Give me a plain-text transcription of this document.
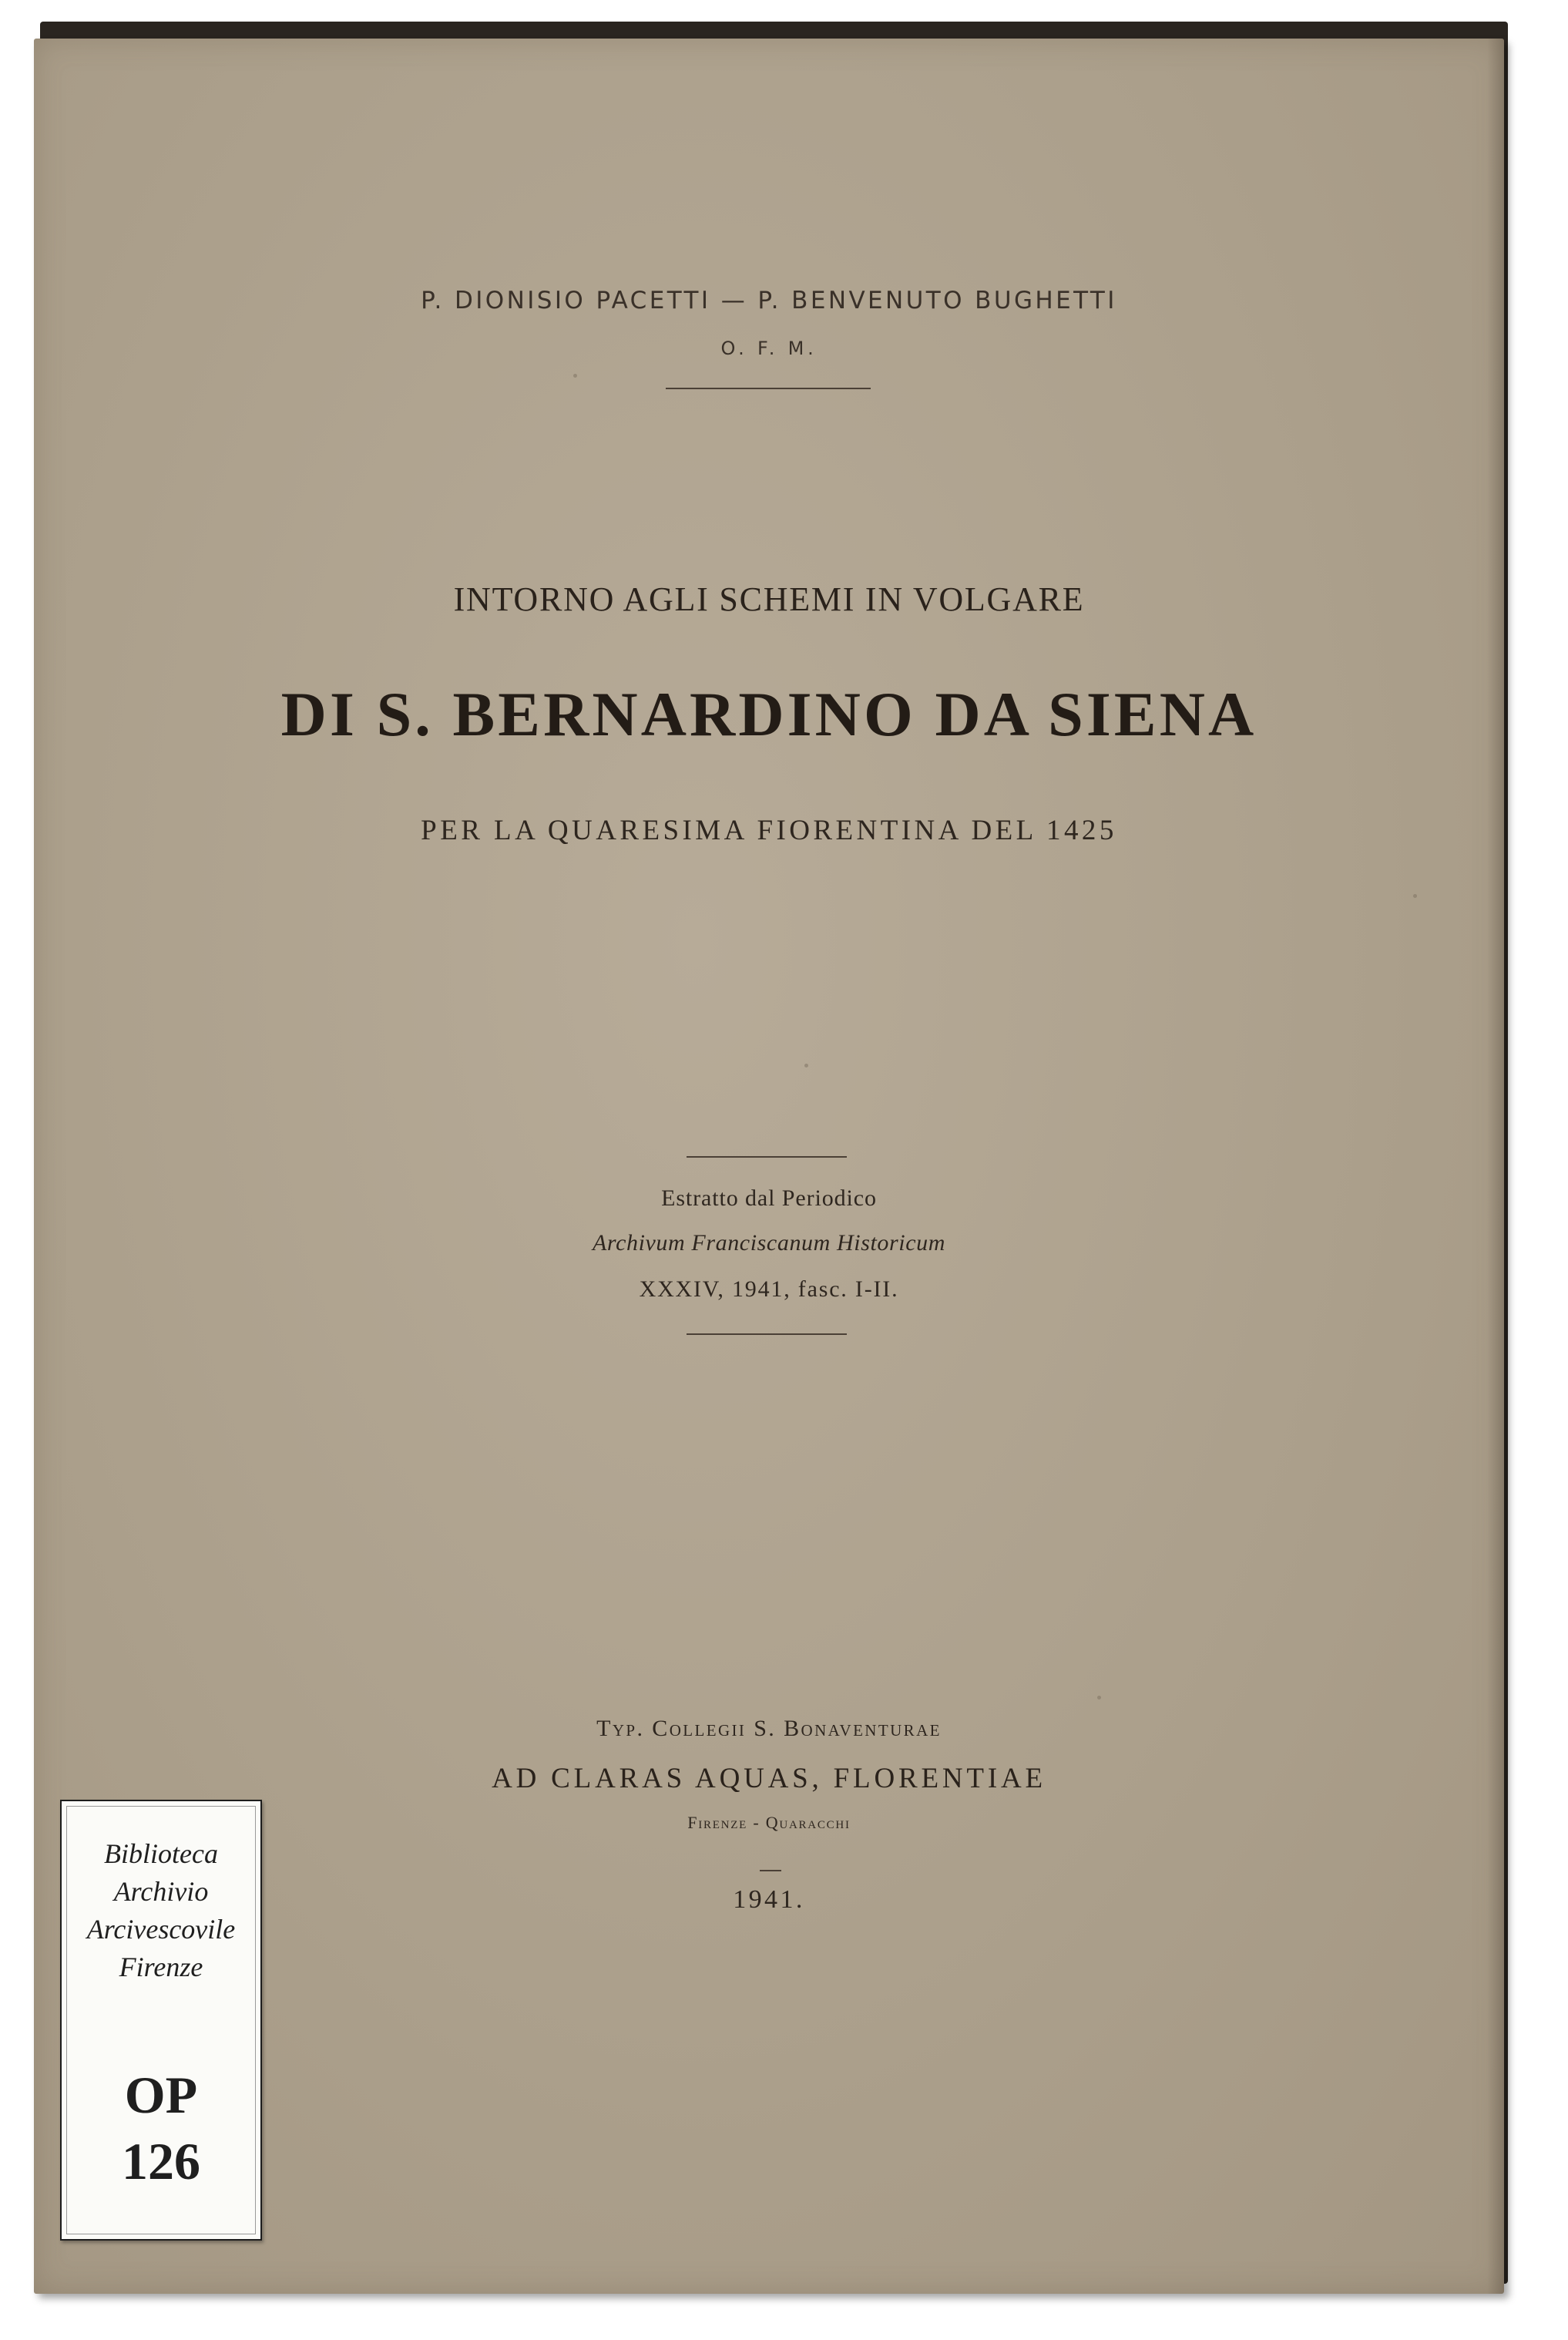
P. DIONISIO PACETTI — P. BENVENUTO BUGHETTI
O. F. M.
INTORNO AGLI SCHEMI IN VOLGARE
DI S. BERNARDINO DA SIENA
PER LA QUARESIMA FIORENTINA DEL 1425
Estratto dal Periodico
Archivum Franciscanum Historicum
XXXIV, 1941, fasc. I-II.
Typ. Collegii S. Bonaventurae
AD CLARAS AQUAS, FLORENTIAE
Firenze - Quaracchi
1941.
Biblioteca
Archivio
Arcivescovile
Firenze
OP
126
